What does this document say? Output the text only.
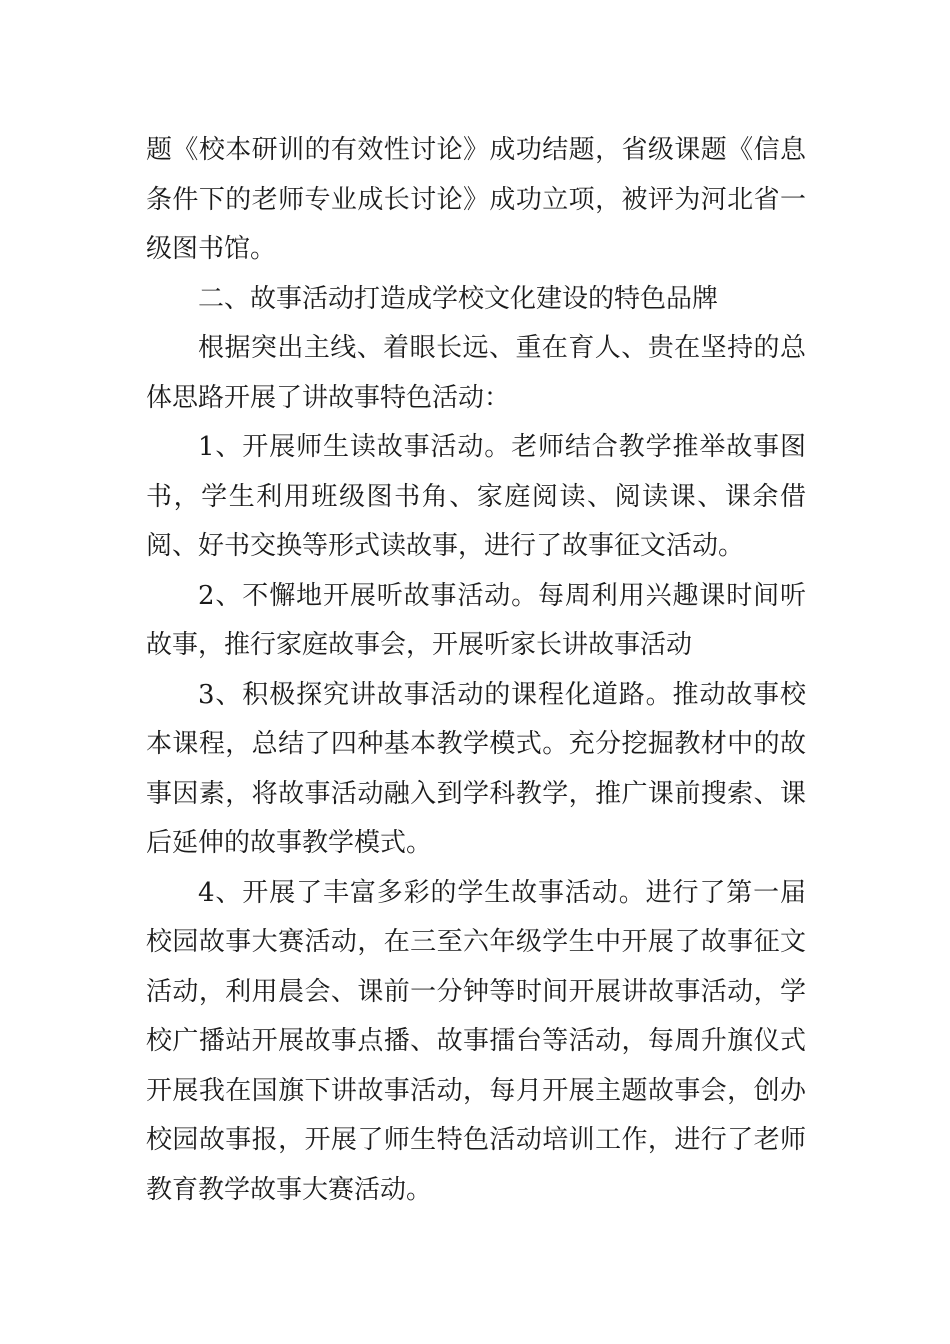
题《校本研训的有效性讨论》成功结题，省级课题《信息条件下的老师专业成长讨论》成功立项，被评为河北省一级图书馆。

二、故事活动打造成学校文化建设的特色品牌

根据突出主线、着眼长远、重在育人、贵在坚持的总体思路开展了讲故事特色活动：

1、开展师生读故事活动。老师结合教学推举故事图书，学生利用班级图书角、家庭阅读、阅读课、课余借阅、好书交换等形式读故事，进行了故事征文活动。

2、不懈地开展听故事活动。每周利用兴趣课时间听故事，推行家庭故事会，开展听家长讲故事活动

3、积极探究讲故事活动的课程化道路。推动故事校本课程，总结了四种基本教学模式。充分挖掘教材中的故事因素，将故事活动融入到学科教学，推广课前搜索、课后延伸的故事教学模式。

4、开展了丰富多彩的学生故事活动。进行了第一届校园故事大赛活动，在三至六年级学生中开展了故事征文活动，利用晨会、课前一分钟等时间开展讲故事活动，学校广播站开展故事点播、故事擂台等活动，每周升旗仪式开展我在国旗下讲故事活动，每月开展主题故事会，创办校园故事报，开展了师生特色活动培训工作，进行了老师教育教学故事大赛活动。
